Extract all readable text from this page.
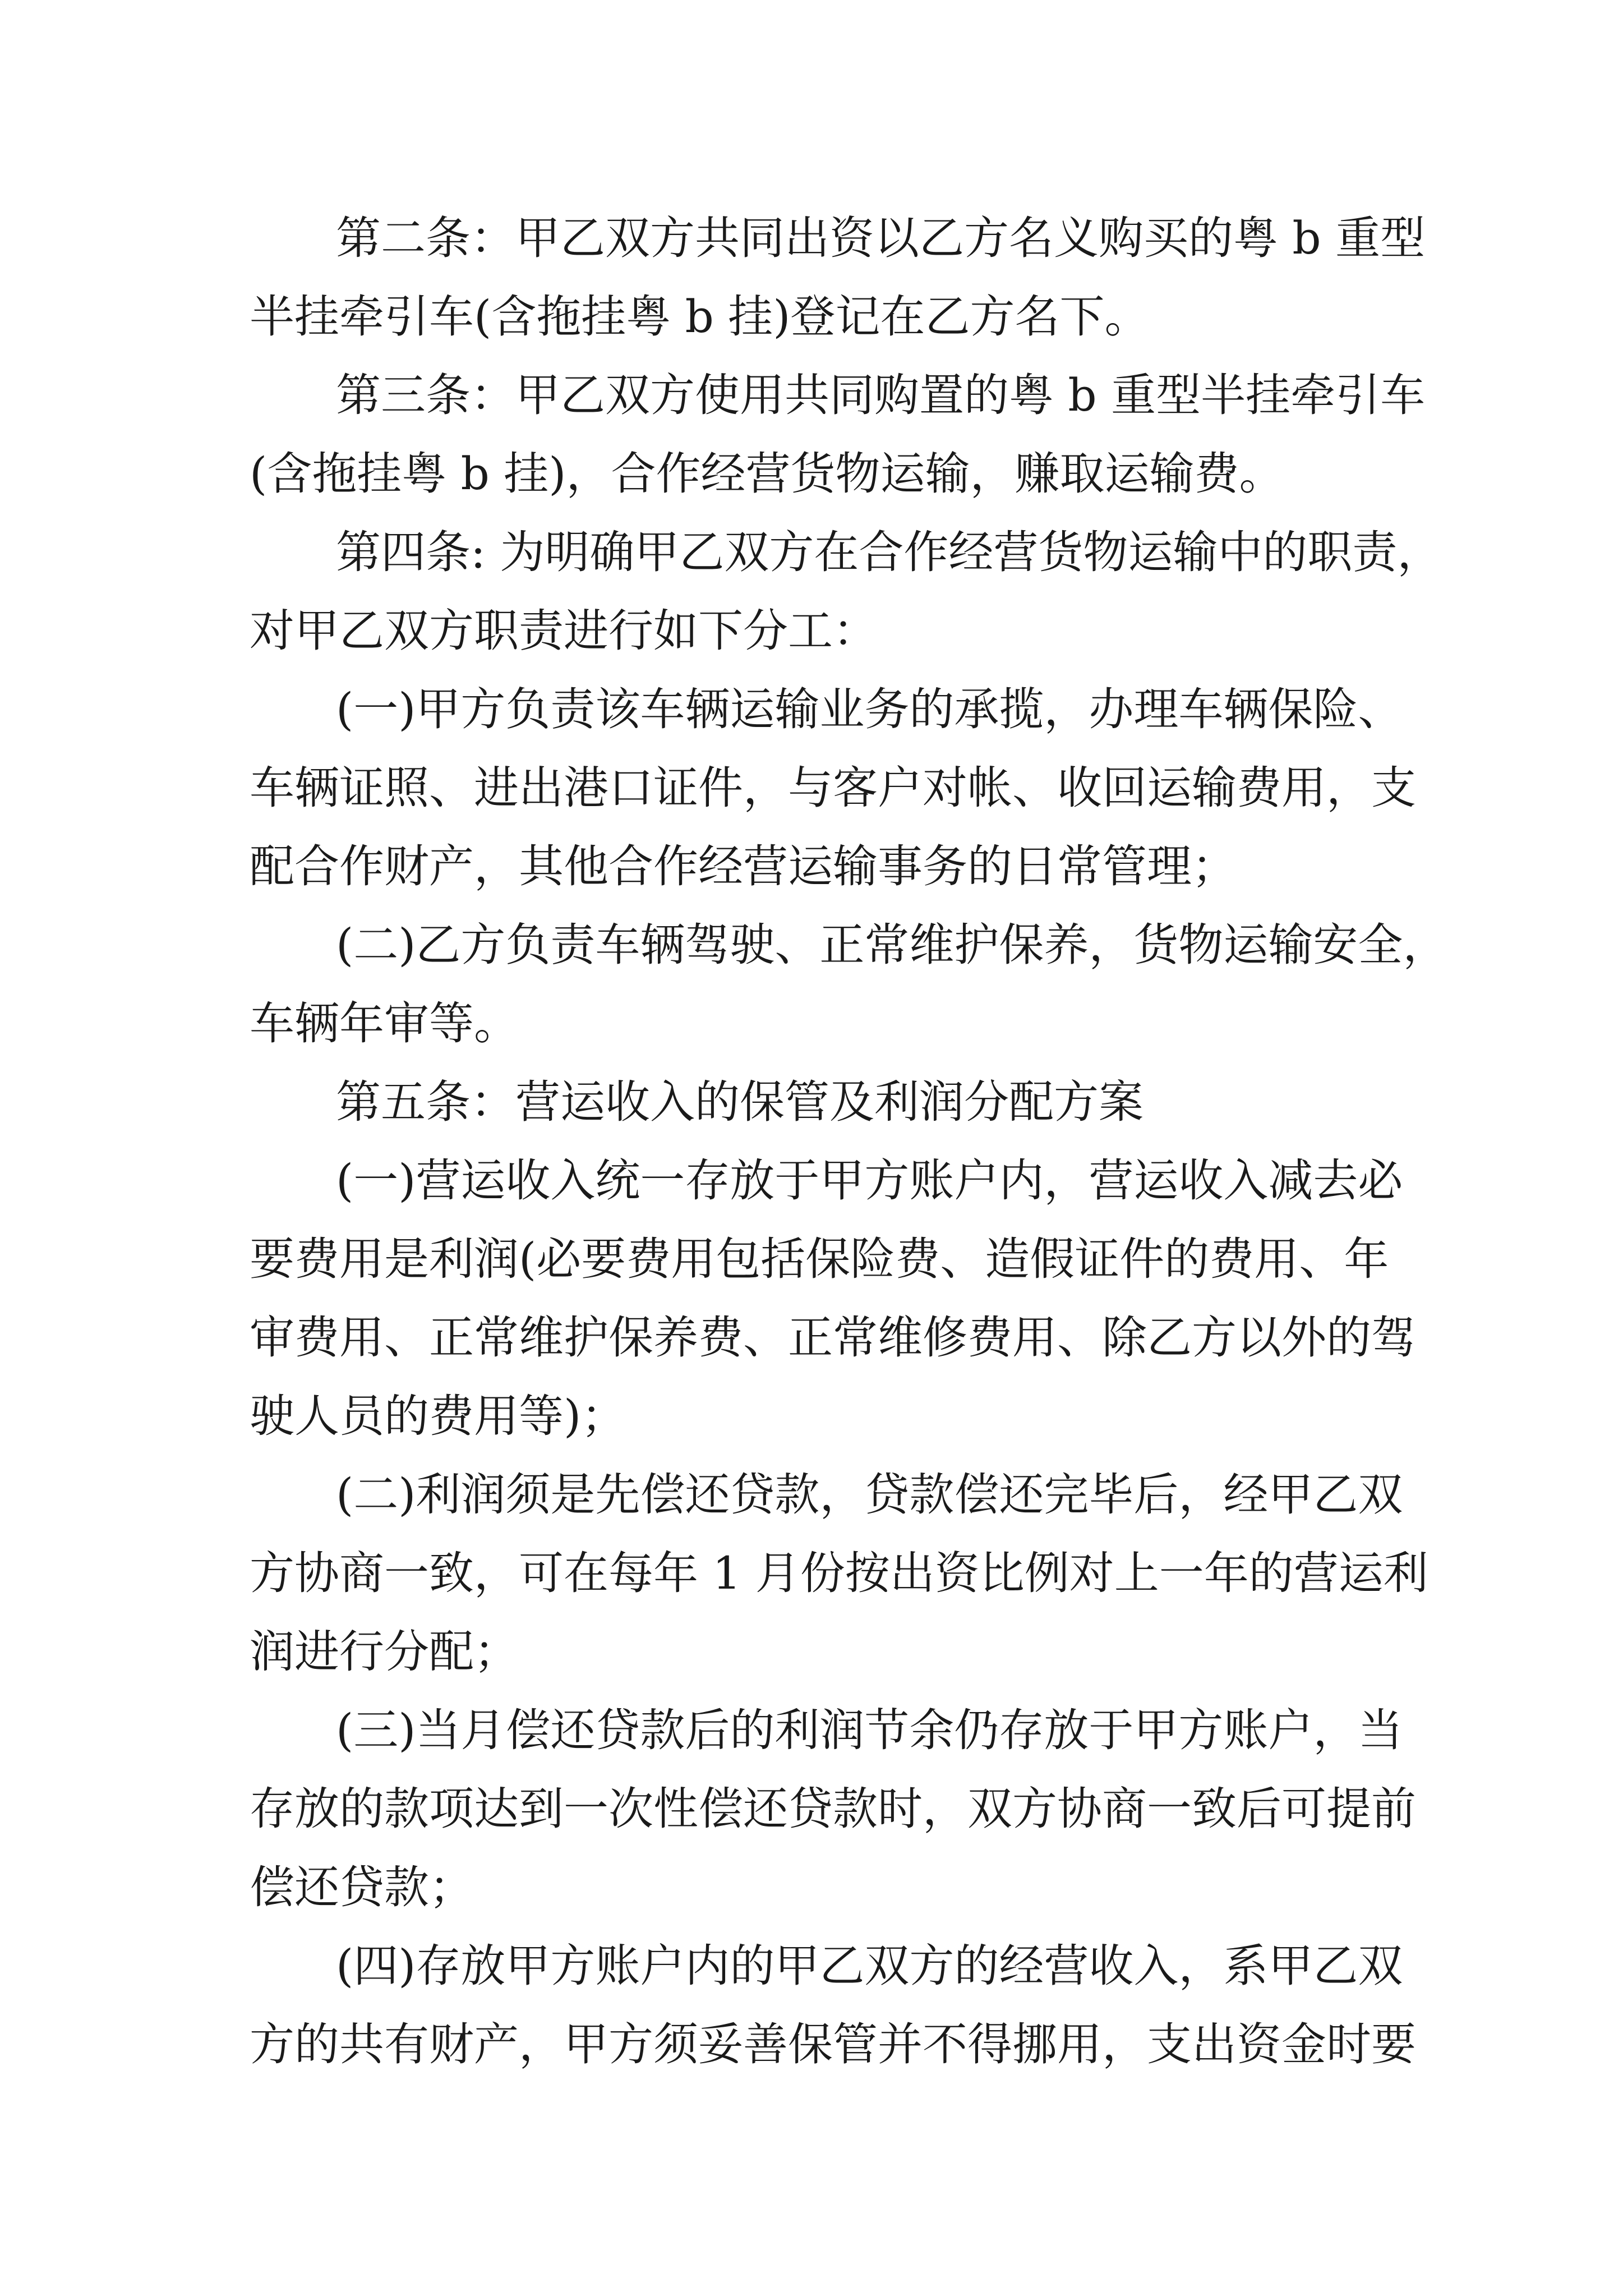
第二条：甲乙双方共同出资以乙方名义购买的粤 b 重型
半挂牵引车(含拖挂粤 b 挂)登记在乙方名下。
第三条：甲乙双方使用共同购置的粤 b 重型半挂牵引车
(含拖挂粤 b 挂)，合作经营货物运输，赚取运输费。
第四条: 为明确甲乙双方在合作经营货物运输中的职责，
对甲乙双方职责进行如下分工：
(一)甲方负责该车辆运输业务的承揽，办理车辆保险、
车辆证照、进出港口证件，与客户对帐、收回运输费用，支
配合作财产，其他合作经营运输事务的日常管理；
(二)乙方负责车辆驾驶、正常维护保养，货物运输安全，
车辆年审等。
第五条：营运收入的保管及利润分配方案
(一)营运收入统一存放于甲方账户内，营运收入减去必
要费用是利润(必要费用包括保险费、造假证件的费用、年
审费用、正常维护保养费、正常维修费用、除乙方以外的驾
驶人员的费用等)；
(二)利润须是先偿还贷款，贷款偿还完毕后，经甲乙双
方协商一致，可在每年 1 月份按出资比例对上一年的营运利
润进行分配；
(三)当月偿还贷款后的利润节余仍存放于甲方账户，当
存放的款项达到一次性偿还贷款时，双方协商一致后可提前
偿还贷款；
(四)存放甲方账户内的甲乙双方的经营收入，系甲乙双
方的共有财产，甲方须妥善保管并不得挪用，支出资金时要
